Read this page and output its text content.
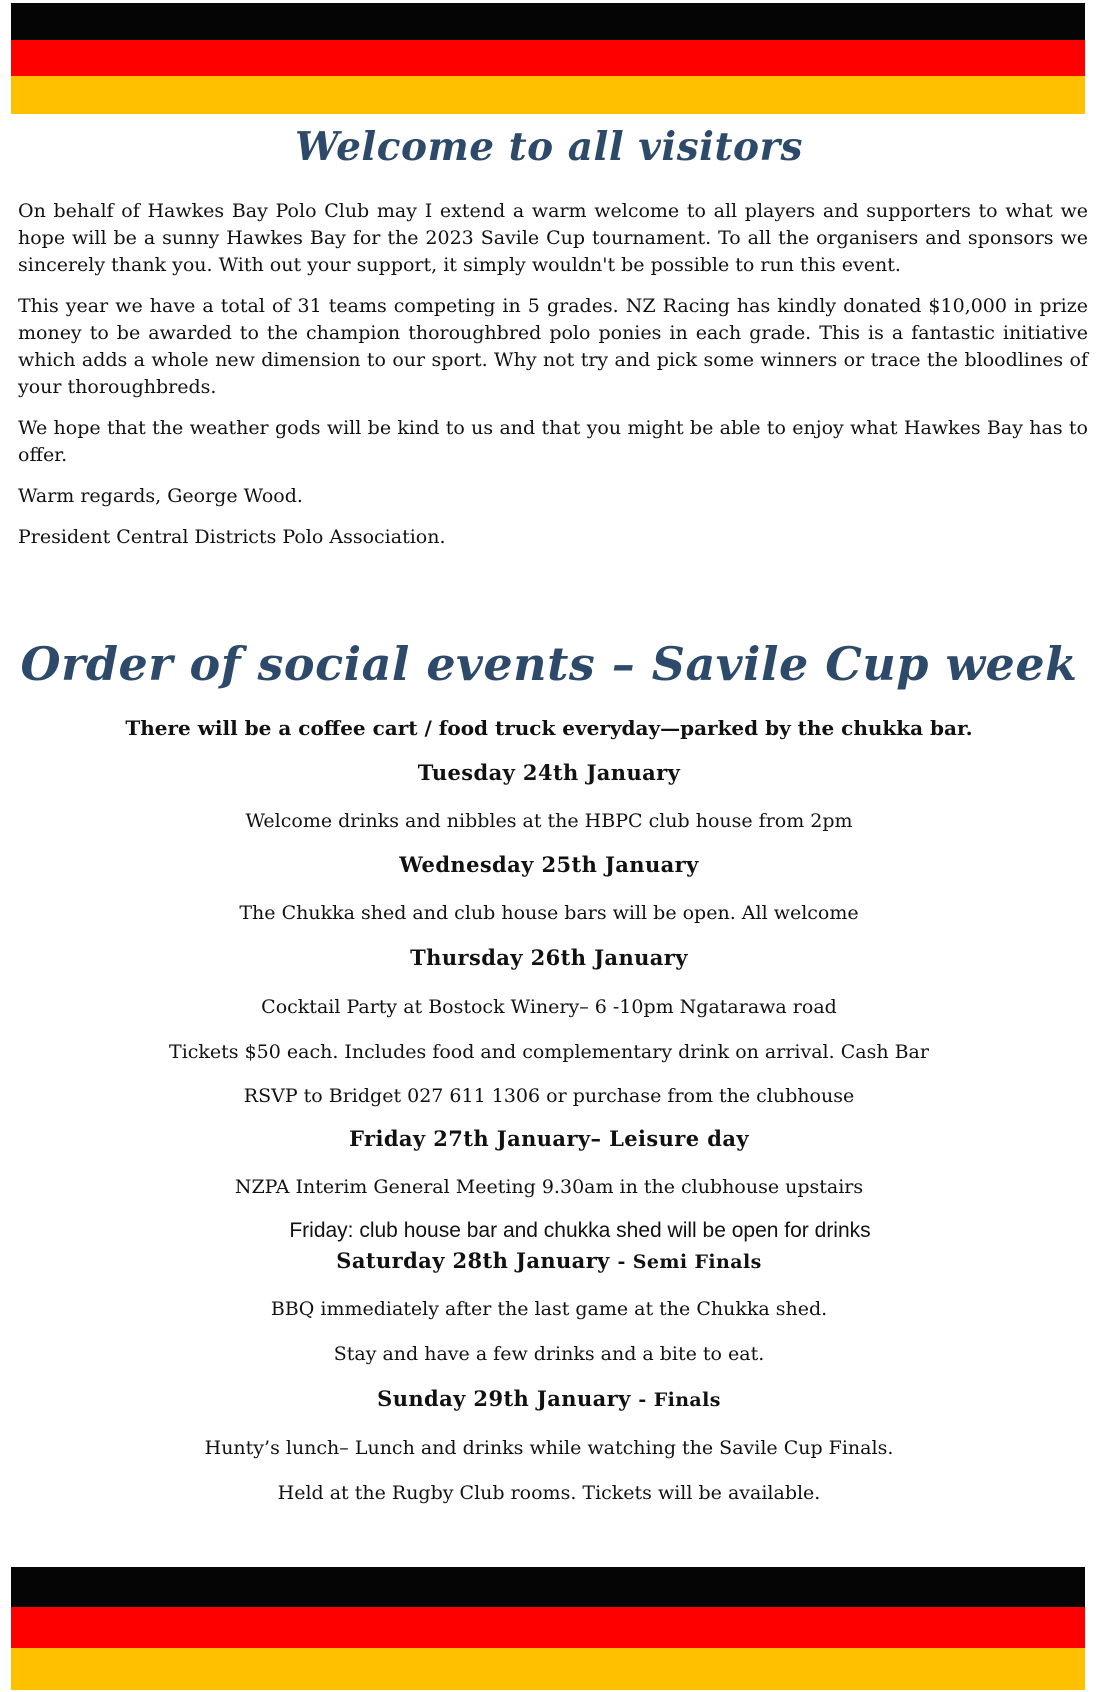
Welcome to all visitors

On behalf of Hawkes Bay Polo Club may I extend a warm welcome to all players and supporters to what we hope will be a sunny Hawkes Bay for the 2023 Savile Cup tournament. To all the organisers and sponsors we sincerely thank you. With out your support, it simply wouldn't be possible to run this event.

This year we have a total of 31 teams competing in 5 grades. NZ Racing has kindly donated $10,000 in prize money to be awarded to the champion thoroughbred polo ponies in each grade. This is a fantastic initiative which adds a whole new dimension to our sport. Why not try and pick some winners or trace the bloodlines of your thoroughbreds.

We hope that the weather gods will be kind to us and that you might be able to enjoy what Hawkes Bay has to offer.

Warm regards, George Wood.

President Central Districts Polo Association.

Order of social events – Savile Cup week
There will be a coffee cart / food truck everyday—parked by the chukka bar.
Tuesday 24th January
Welcome drinks and nibbles at the HBPC club house from 2pm
Wednesday 25th January
The Chukka shed and club house bars will be open. All welcome
Thursday 26th January
Cocktail Party at Bostock Winery– 6 -10pm Ngatarawa road
Tickets $50 each. Includes food and complementary drink on arrival. Cash Bar
RSVP to Bridget 027 611 1306 or purchase from the clubhouse
Friday 27th January– Leisure day
NZPA Interim General Meeting 9.30am in the clubhouse upstairs
Friday: club house bar and chukka shed will be open for drinks
Saturday 28th January - Semi Finals
BBQ immediately after the last game at the Chukka shed.
Stay and have a few drinks and a bite to eat.
Sunday 29th January - Finals
Hunty’s lunch– Lunch and drinks while watching the Savile Cup Finals.
Held at the Rugby Club rooms. Tickets will be available.
